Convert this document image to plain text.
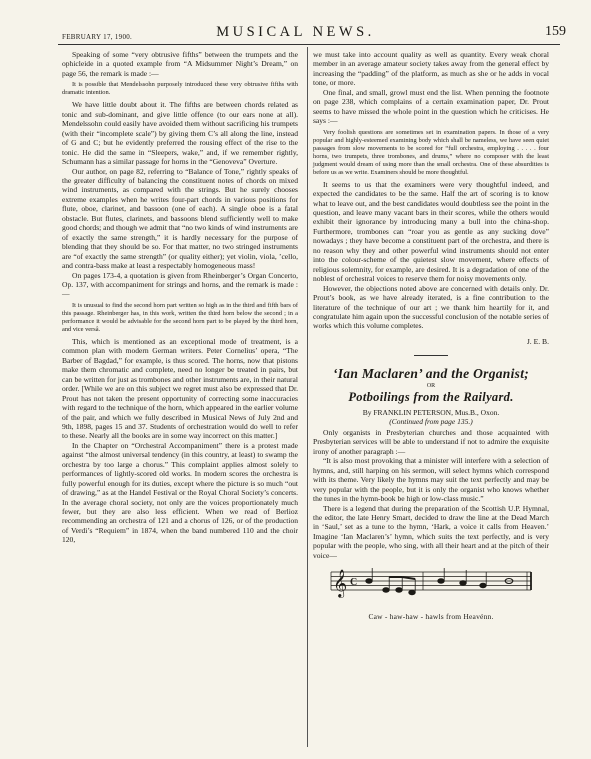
FEBRUARY 17, 1900.	MUSICAL NEWS.	159

Speaking of some “very obtrusive fifths” between the trumpets and the ophicleide in a quoted example from “A Midsummer Night’s Dream,” on page 56, the remark is made :—

It is possible that Mendelssohn purposely introduced these very obtrusive fifths with dramatic intention.

We have little doubt about it. The fifths are between chords related as tonic and sub-dominant, and give little offence (to our ears none at all). Mendelssohn could easily have avoided them without sacrificing his trumpets (with their “incomplete scale”) by giving them C’s all along the line, instead of G and C; but he evidently preferred the rousing effect of the rise to the tonic. He did the same in “Sleepers, wake,” and, if we remember rightly, Schumann has a similar passage for horns in the “Genoveva” Overture.

Our author, on page 82, referring to “Balance of Tone,” rightly speaks of the greater difficulty of balancing the constituent notes of chords on mixed wind instruments, as compared with the strings. But he surely chooses extreme examples when he writes four-part chords in various positions for flute, oboe, clarinet, and bassoon (one of each). A single oboe is a fatal obstacle. But flutes, clarinets, and bassoons blend sufficiently well to make good chords; and though we admit that “no two kinds of wind instruments are of exactly the same strength,” it is hardly necessary for the purpose of blending that they should be so. For that matter, no two stringed instruments are “of exactly the same strength” (or quality either); yet violin, viola, ’cello, and contra-bass make at least a respectably homogeneous mass!

On pages 173-4, a quotation is given from Rheinberger’s Organ Concerto, Op. 137, with accompaniment for strings and horns, and the remark is made :—

It is unusual to find the second horn part written so high as in the third and fifth bars of this passage. Rheinberger has, in this work, written the third horn below the second ; in a performance it would be advisable for the second horn part to be played by the third horn, and vice versâ.

This, which is mentioned as an exceptional mode of treatment, is a common plan with modern German writers. Peter Cornelius’ opera, “The Barber of Bagdad,” for example, is thus scored. The horns, now that pistons make them chromatic and complete, need no longer be treated in pairs, but can be written for just as trombones and other instruments are, in their natural order. [While we are on this subject we regret must also be expressed that Dr. Prout has not taken the present opportunity of correcting some inaccuracies with regard to the technique of the horn, which appeared in the earlier volume of the pair, and which we fully described in Musical News of July 2nd and 9th, 1898, pages 15 and 37. Students of orchestration would do well to refer to these. Nearly all the books are in some way incorrect on this matter.]

In the Chapter on “Orchestral Accompaniment” there is a protest made against “the almost universal tendency (in this country, at least) to swamp the orchestra by too large a chorus.” This complaint applies almost solely to performances of lightly-scored old works. In modern scores the orchestra is fully powerful enough for its duties, except where the picture is so much “out of drawing,” as at the Handel Festival or the Royal Choral Society’s concerts. In the average choral society, not only are the voices proportionately much fewer, but they are also less efficient. When we read of Berlioz recommending an orchestra of 121 and a chorus of 126, or of the production of Verdi’s “Requiem” in 1874, when the band numbered 110 and the choir 120,

we must take into account quality as well as quantity. Every weak choral member in an average amateur society takes away from the general effect by increasing the “padding” of the platform, as much as she or he adds in vocal tone, or more.

One final, and small, growl must end the list. When penning the footnote on page 238, which complains of a certain examination paper, Dr. Prout seems to have missed the whole point in the question which he criticises. He says :—

Very foolish questions are sometimes set in examination papers. In those of a very popular and highly-esteemed examining body which shall be nameless, we have seen quiet passages from slow movements to be scored for “full orchestra, employing . . . . . four horns, two trumpets, three trombones, and drums,” where no composer with the least judgment would dream of using more than the small orchestra. One of these absurdities is before us as we write. Examiners should be more thoughtful.

It seems to us that the examiners were very thoughtful indeed, and expected the candidates to be the same. Half the art of scoring is to know what to leave out, and the best candidates would doubtless see the point in the question, and leave many vacant bars in their scores, while the others would exhibit their ignorance by introducing many a bull into the china-shop. Furthermore, trombones can “roar you as gentle as any sucking dove” nowadays ; they have become a constituent part of the orchestra, and there is no reason why they and other powerful wind instruments should not enter into the colour-scheme of the quietest slow movement, where effects of religious solemnity, for example, are desired. It is a degradation of one of the noblest of orchestral voices to reserve them for noisy movements only.

However, the objections noted above are concerned with details only. Dr. Prout’s book, as we have already iterated, is a fine contribution to the literature of the technique of our art ; we thank him heartily for it, and congratulate him again upon the successful conclusion of the notable series of works which this volume completes.

J. E. B.
‘Ian Maclaren’ and the Organist;
OR
Potboilings from the Railyard.
By FRANKLIN PETERSON, Mus.B., Oxon.
(Continued from page 135.)

Only organists in Presbyterian churches and those acquainted with Presbyterian services will be able to understand if not to admire the exquisite irony of another paragraph :—

“It is also most provoking that a minister will interfere with a selection of hymns, and, still harping on his sermon, will select hymns which correspond with its theme. Very likely the hymns may suit the text perfectly and may be very popular with the people, but it is only the organist who knows whether the tunes in the hymn-book be high or low-class music.”

There is a legend that during the preparation of the Scottish U.P. Hymnal, the editor, the late Henry Smart, decided to draw the line at the Dead March in ‘Saul,’ set as a tune to the hymn, ‘Hark, a voice it calls from Heaven.’ Imagine ‘Ian Maclaren’s’ hymn, which suits the text perfectly, and is very popular with the people, who sing, with all their heart and at the pitch of their voice—

𝄞 C
Caw - haw-haw - hawls from Heavénn.
